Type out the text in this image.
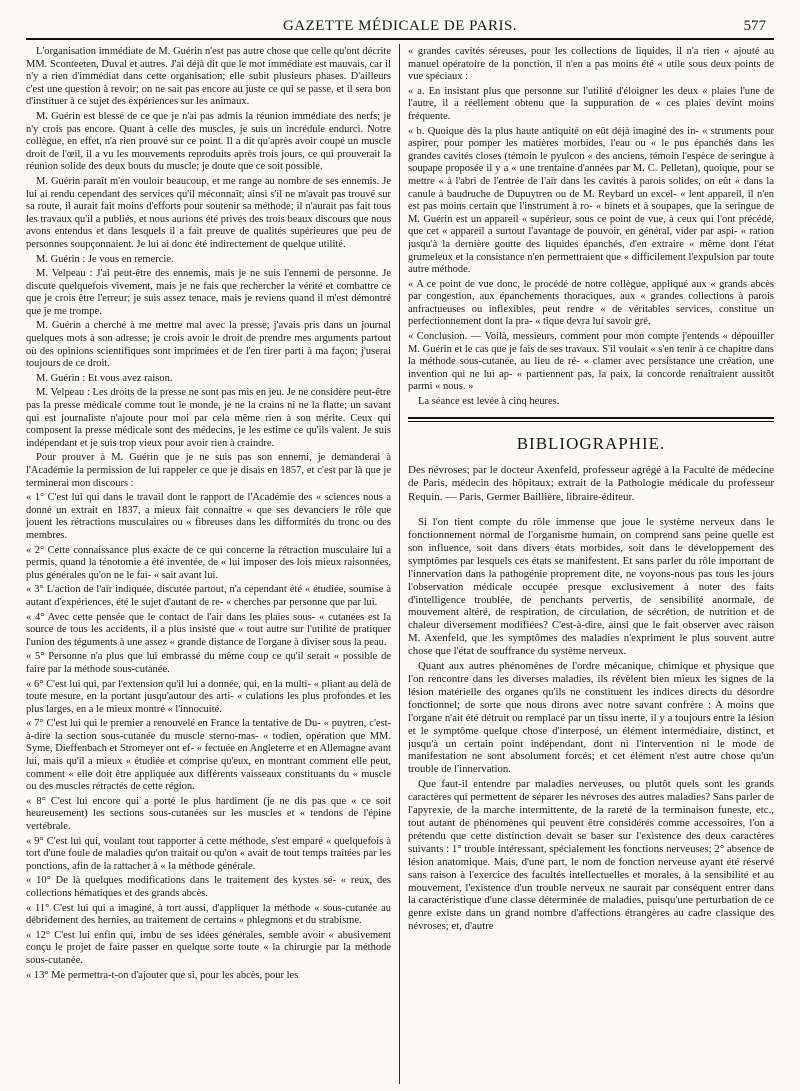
GAZETTE MÉDICALE DE PARIS.	577

L'organisation immédiate de M. Guérin n'est pas autre chose que celle qu'ont décrite MM. Sconteeten, Duval et autres. J'ai déjà dit que le mot immédiate est mauvais, car il n'y a rien d'immédiat dans cette organisation; elle subit plusieurs phases. D'ailleurs c'est une question à revoir; on ne sait pas encore au juste ce qui se passe, et il sera bon d'instituer à ce sujet des expériences sur les animaux.

M. Guérin est blessé de ce que je n'ai pas admis la réunion immédiate des nerfs; je n'y crois pas encore. Quant à celle des muscles, je suis un incrédule endurci. Notre collègue, en effet, n'a rien prouvé sur ce point. Il a dit qu'après avoir coupé un muscle droit de l'œil, il a vu les mouvements reproduits après trois jours, ce qui prouverait la réunion solide des deux bouts du muscle; je doute que ce soit possible.

M. Guérin paraît m'en vouloir beaucoup, et me range au nombre de ses ennemis. Je lui ai rendu cependant des services qu'il méconnaît; ainsi s'il ne m'avait pas trouvé sur sa route, il aurait fait moins d'efforts pour soutenir sa méthode; il n'aurait pas fait tous les travaux qu'il a publiés, et nous aurions été privés des trois beaux discours que nous avons entendus et dans lesquels il a fait preuve de qualités supérieures que peu de personnes soupçonnaient. Je lui ai donc été indirectement de quelque utilité.

M. Guérin : Je vous en remercie.

M. Velpeau : J'ai peut-être des ennemis, mais je ne suis l'ennemi de personne. Je discute quelquefois vivement, mais je ne fais que rechercher la vérité et combattre ce que je crois être l'erreur; je suis assez tenace, mais je reviens quand il m'est démontré que je me trompe.

M. Guérin a cherché à me mettre mal avec la presse; j'avais pris dans un journal quelques mots à son adresse; je crois avoir le droit de prendre mes arguments partout où des opinions scientifiques sont imprimées et de l'en tirer parti à ma façon; j'userai toujours de ce droit.

M. Guérin : Et vous avez raison.

M. Velpeau : Les droits de la presse ne sont pas mis en jeu. Je ne considère peut-être pas la presse médicale comme tout le monde, je ne la crains ni ne la flatte; un savant qui est journaliste n'ajoute pour moi par cela même rien à son mérite. Ceux qui composent la presse médicale sont des médecins, je les estime ce qu'ils valent. Je suis indépendant et je suis trop vieux pour avoir rien à craindre.

Pour prouver à M. Guérin que je ne suis pas son ennemi, je demanderai à l'Académie la permission de lui rappeler ce que je disais en 1857, et c'est par là que je terminerai mon discours :

« 1° C'est lui qui dans le travail dont le rapport de l'Académie des « sciences nous a donné un extrait en 1837, a mieux fait connaître « que ses devanciers le rôle que jouent les rétractions musculaires ou « fibreuses dans les difformités du tronc ou des membres.

« 2° Cette connaissance plus exacte de ce qui concerne la rétraction musculaire lui a permis, quand la ténotomie a été inventée, de « lui imposer des lois mieux raisonnées, plus générales qu'on ne le fai- « sait avant lui.

« 3° L'action de l'air indiquée, discutée partout, n'a cependant été « étudiée, soumise à autant d'expériences, été le sujet d'autant de re- « cherches par personne que par lui.

« 4° Avec cette pensée que le contact de l'air dans les plaies sous- « cutanées est la source de tous les accidents, il a plus insisté que « tout autre sur l'utilité de pratiquer l'union des téguments à une assez « grande distance de l'organe à diviser sous la peau.

« 5° Personne n'a plus que lui embrassé du même coup ce qu'il serait « possible de faire par la méthode sous-cutanée.

« 6° C'est lui qui, par l'extension qu'il lui a donnée, qui, en la multi- « pliant au delà de toute mesure, en la portant jusqu'autour des arti- « culations les plus profondes et les plus larges, en a le mieux montré « l'innocuité.

« 7° C'est lui qui le premier a renouvelé en France la tentative de Du- « puytren, c'est-à-dire la section sous-cutanée du muscle sterno-mas- « todien, opération que MM. Syme, Dieffenbach et Stromeyer ont ef- « fectuée en Angleterre et en Allemagne avant lui, mais qu'il a mieux « étudiée et comprise qu'eux, en montrant comment elle peut, comment « elle doit être appliquée aux différents vaisseaux constituants du « muscle ou des muscles rétractés de cette région.

« 8° C'est lui encore qui a porté le plus hardiment (je ne dis pas que « ce soit heureusement) les sections sous-cutanées sur les muscles et « tendons de l'épine vertébrale.

« 9° C'est lui qui, voulant tout rapporter à cette méthode, s'est emparé « quelquefois à tort d'une foule de maladies qu'on traitait ou qu'on « avait de tout temps traitées par les ponctions, afin de la rattacher à « la méthode générale.

« 10° De là quelques modifications dans le traitement des kystes sé- « reux, des collections hématiques et des grands abcès.

« 11° C'est lui qui a imaginé, à tort aussi, d'appliquer la méthode « sous-cutanée au débridement des hernies, au traitement de certains « phlegmons et du strabisme.

« 12° C'est lui enfin qui, imbu de ses idées générales, semble avoir « abusivement conçu le projet de faire passer en quelque sorte toute « la chirurgie par la méthode sous-cutanée.

« 13° Me permettra-t-on d'ajouter que si, pour les abcès, pour les

« grandes cavités séreuses, pour les collections de liquides, il n'a rien « ajouté au manuel opératoire de la ponction, il n'en a pas moins été « utile sous deux points de vue spéciaux :

« a. En insistant plus que personne sur l'utilité d'éloigner les deux « plaies l'une de l'autre, il a réellement obtenu que la suppuration de « ces plaies devînt moins fréquente.

« b. Quoique dès la plus haute antiquité on eût déjà imaginé des in- « struments pour aspirer, pour pomper les matières morbides, l'eau ou « le pus épanchés dans les grandes cavités closes (témoin le pyulcon « des anciens, témoin l'espèce de seringue à soupape proposée il y a « une trentaine d'années par M. C. Pelletan), quoique, pour se mettre « à l'abri de l'entrée de l'air dans les cavités à parois solides, on eût « dans la canule à baudruche de Dupuytren ou de M. Reybard un excel- « lent appareil, il n'en est pas moins certain que l'instrument à ro- « binets et à soupapes, que la seringue de M. Guérin est un appareil « supérieur, sous ce point de vue, à ceux qui l'ont précédé, que cet « appareil a surtout l'avantage de pouvoir, en général, vider par aspi- « ration jusqu'à la dernière goutte des liquides épanchés, d'en extraire « même dont l'état grumeleux et la consistance n'en permettraient que « difficilement l'expulsion par toute autre méthode.

« A ce point de vue donc, le procédé de notre collègue, appliqué aux « grands abcès par congestion, aux épanchements thoraciques, aux « grandes collections à parois anfractueuses ou inflexibles, peut rendre « de véritables services, constitue un perfectionnement dont la pra- « tique devra lui savoir gré.

« Conclusion. — Voilà, messieurs, comment pour mon compte j'entends « dépouiller M. Guérin et le cas que je fais de ses travaux. S'il voulait « s'en tenir à ce chapitre dans la méthode sous-cutanée, au lieu de ré- « clamer avec persistance une création, une invention qui ne lui ap- « partiennent pas, la paix, la concorde renaîtraient aussitôt parmi « nous. »

La séance est levée à cinq heures.

BIBLIOGRAPHIE.
Des névroses; par le docteur Axenfeld, professeur agrégé à la Faculté de médecine de Paris, médecin des hôpitaux; extrait de la Pathologie médicale du professeur Requin. — Paris, Germer Baillière, libraire-éditeur.

Si l'on tient compte du rôle immense que joue le système nerveux dans le fonctionnement normal de l'organisme humain, on comprend sans peine quelle est son influence, soit dans divers états morbides, soit dans le développement des symptômes par lesquels ces états se manifestent. Et sans parler du rôle important de l'innervation dans la pathogénie proprement dite, ne voyons-nous pas tous les jours l'observation médicale occupée presque exclusivement à noter des faits d'intelligence troublée, de penchants pervertis, de sensibilité anormale, de mouvement altéré, de respiration, de circulation, de sécrétion, de nutrition et de chaleur diversement modifiées? C'est-à-dire, ainsi que le fait observer avec raison M. Axenfeld, que les symptômes des maladies n'expriment le plus souvent autre chose que l'état de souffrance du système nerveux.

Quant aux autres phénomènes de l'ordre mécanique, chimique et physique que l'on rencontre dans les diverses maladies, ils révèlent bien mieux les signes de la lésion matérielle des organes qu'ils ne constituent les indices directs du désordre fonctionnel; de sorte que nous dirons avec notre savant confrère : A moins que l'organe n'ait été détruit ou remplacé par un tissu inerte, il y a toujours entre la lésion et le symptôme quelque chose d'interposé, un élément intermédiaire, distinct, et jusqu'à un certain point indépendant, dont ni l'intervention ni le mode de manifestation ne sont absolument forcés; et cet élément n'est autre chose qu'un trouble de l'innervation.

Que faut-il entendre par maladies nerveuses, ou plutôt quels sont les grands caractères qui permettent de séparer les névroses des autres maladies? Sans parler de l'apyrexie, de la marche intermittente, de la rareté de la terminaison funeste, etc., tout autant de phénomènes qui peuvent être considérés comme accessoires, l'on a prétendu que cette distinction devait se baser sur l'existence des deux caractères suivants : 1° trouble intéressant, spécialement les fonctions nerveuses; 2° absence de lésion anatomique. Mais, d'une part, le nom de fonction nerveuse ayant été réservé sans raison à l'exercice des facultés intellectuelles et morales, à la sensibilité et au mouvement, l'existence d'un trouble nerveux ne saurait par conséquent entrer dans la caractéristique d'une classe déterminée de maladies, puisqu'une perturbation de ce genre existe dans un grand nombre d'affections étrangères au cadre classique des névroses; et, d'autre
